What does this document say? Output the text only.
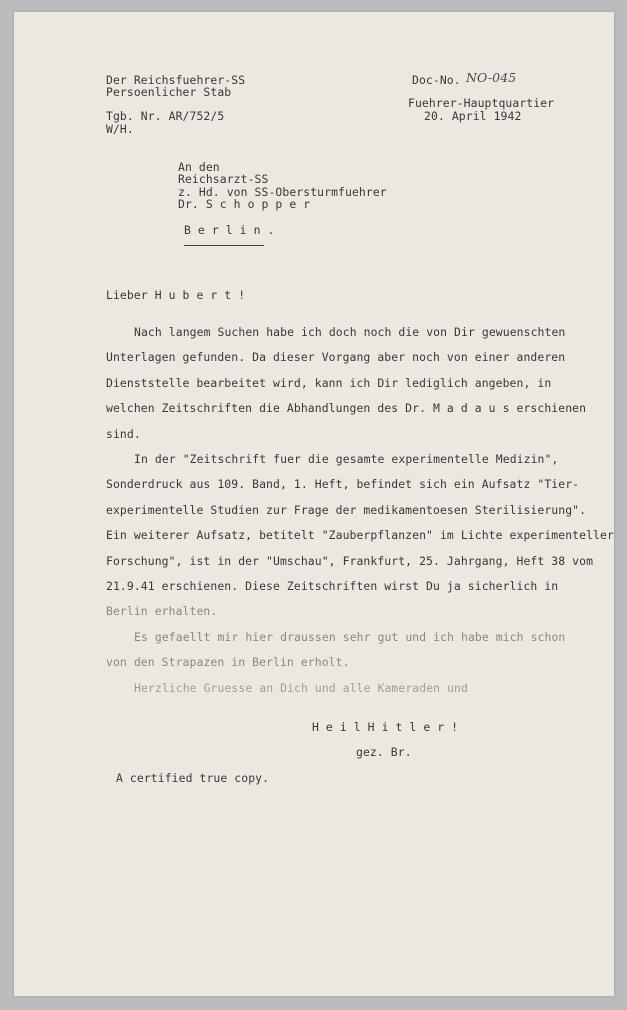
Der Reichsfuehrer-SS
Persoenlicher Stab
Tgb. Nr. AR/752/5
W/H.
Doc-No. NO-045
Fuehrer-Hauptquartier
20. April 1942
An den
Reichsarzt-SS
z. Hd. von SS-Obersturmfuehrer
Dr. S c h o p p e r
B e r l i n .
Lieber H u b e r t !
Nach langem Suchen habe ich doch noch die von Dir gewuenschten
Unterlagen gefunden. Da dieser Vorgang aber noch von einer anderen
Dienststelle bearbeitet wird, kann ich Dir lediglich angeben, in
welchen Zeitschriften die Abhandlungen des Dr. M a d a u s erschienen
sind.
In der "Zeitschrift fuer die gesamte experimentelle Medizin",
Sonderdruck aus 109. Band, 1. Heft, befindet sich ein Aufsatz "Tier-
experimentelle Studien zur Frage der medikamentoesen Sterilisierung".
Ein weiterer Aufsatz, betitelt "Zauberpflanzen" im Lichte experimenteller
Forschung", ist in der "Umschau", Frankfurt, 25. Jahrgang, Heft 38 vom
21.9.41 erschienen. Diese Zeitschriften wirst Du ja sicherlich in
Berlin erhalten.
Es gefaellt mir hier draussen sehr gut und ich habe mich schon
von den Strapazen in Berlin erholt.
Herzliche Gruesse an Dich und alle Kameraden und
H e i l H i t l e r !
gez. Br.
A certified true copy.
